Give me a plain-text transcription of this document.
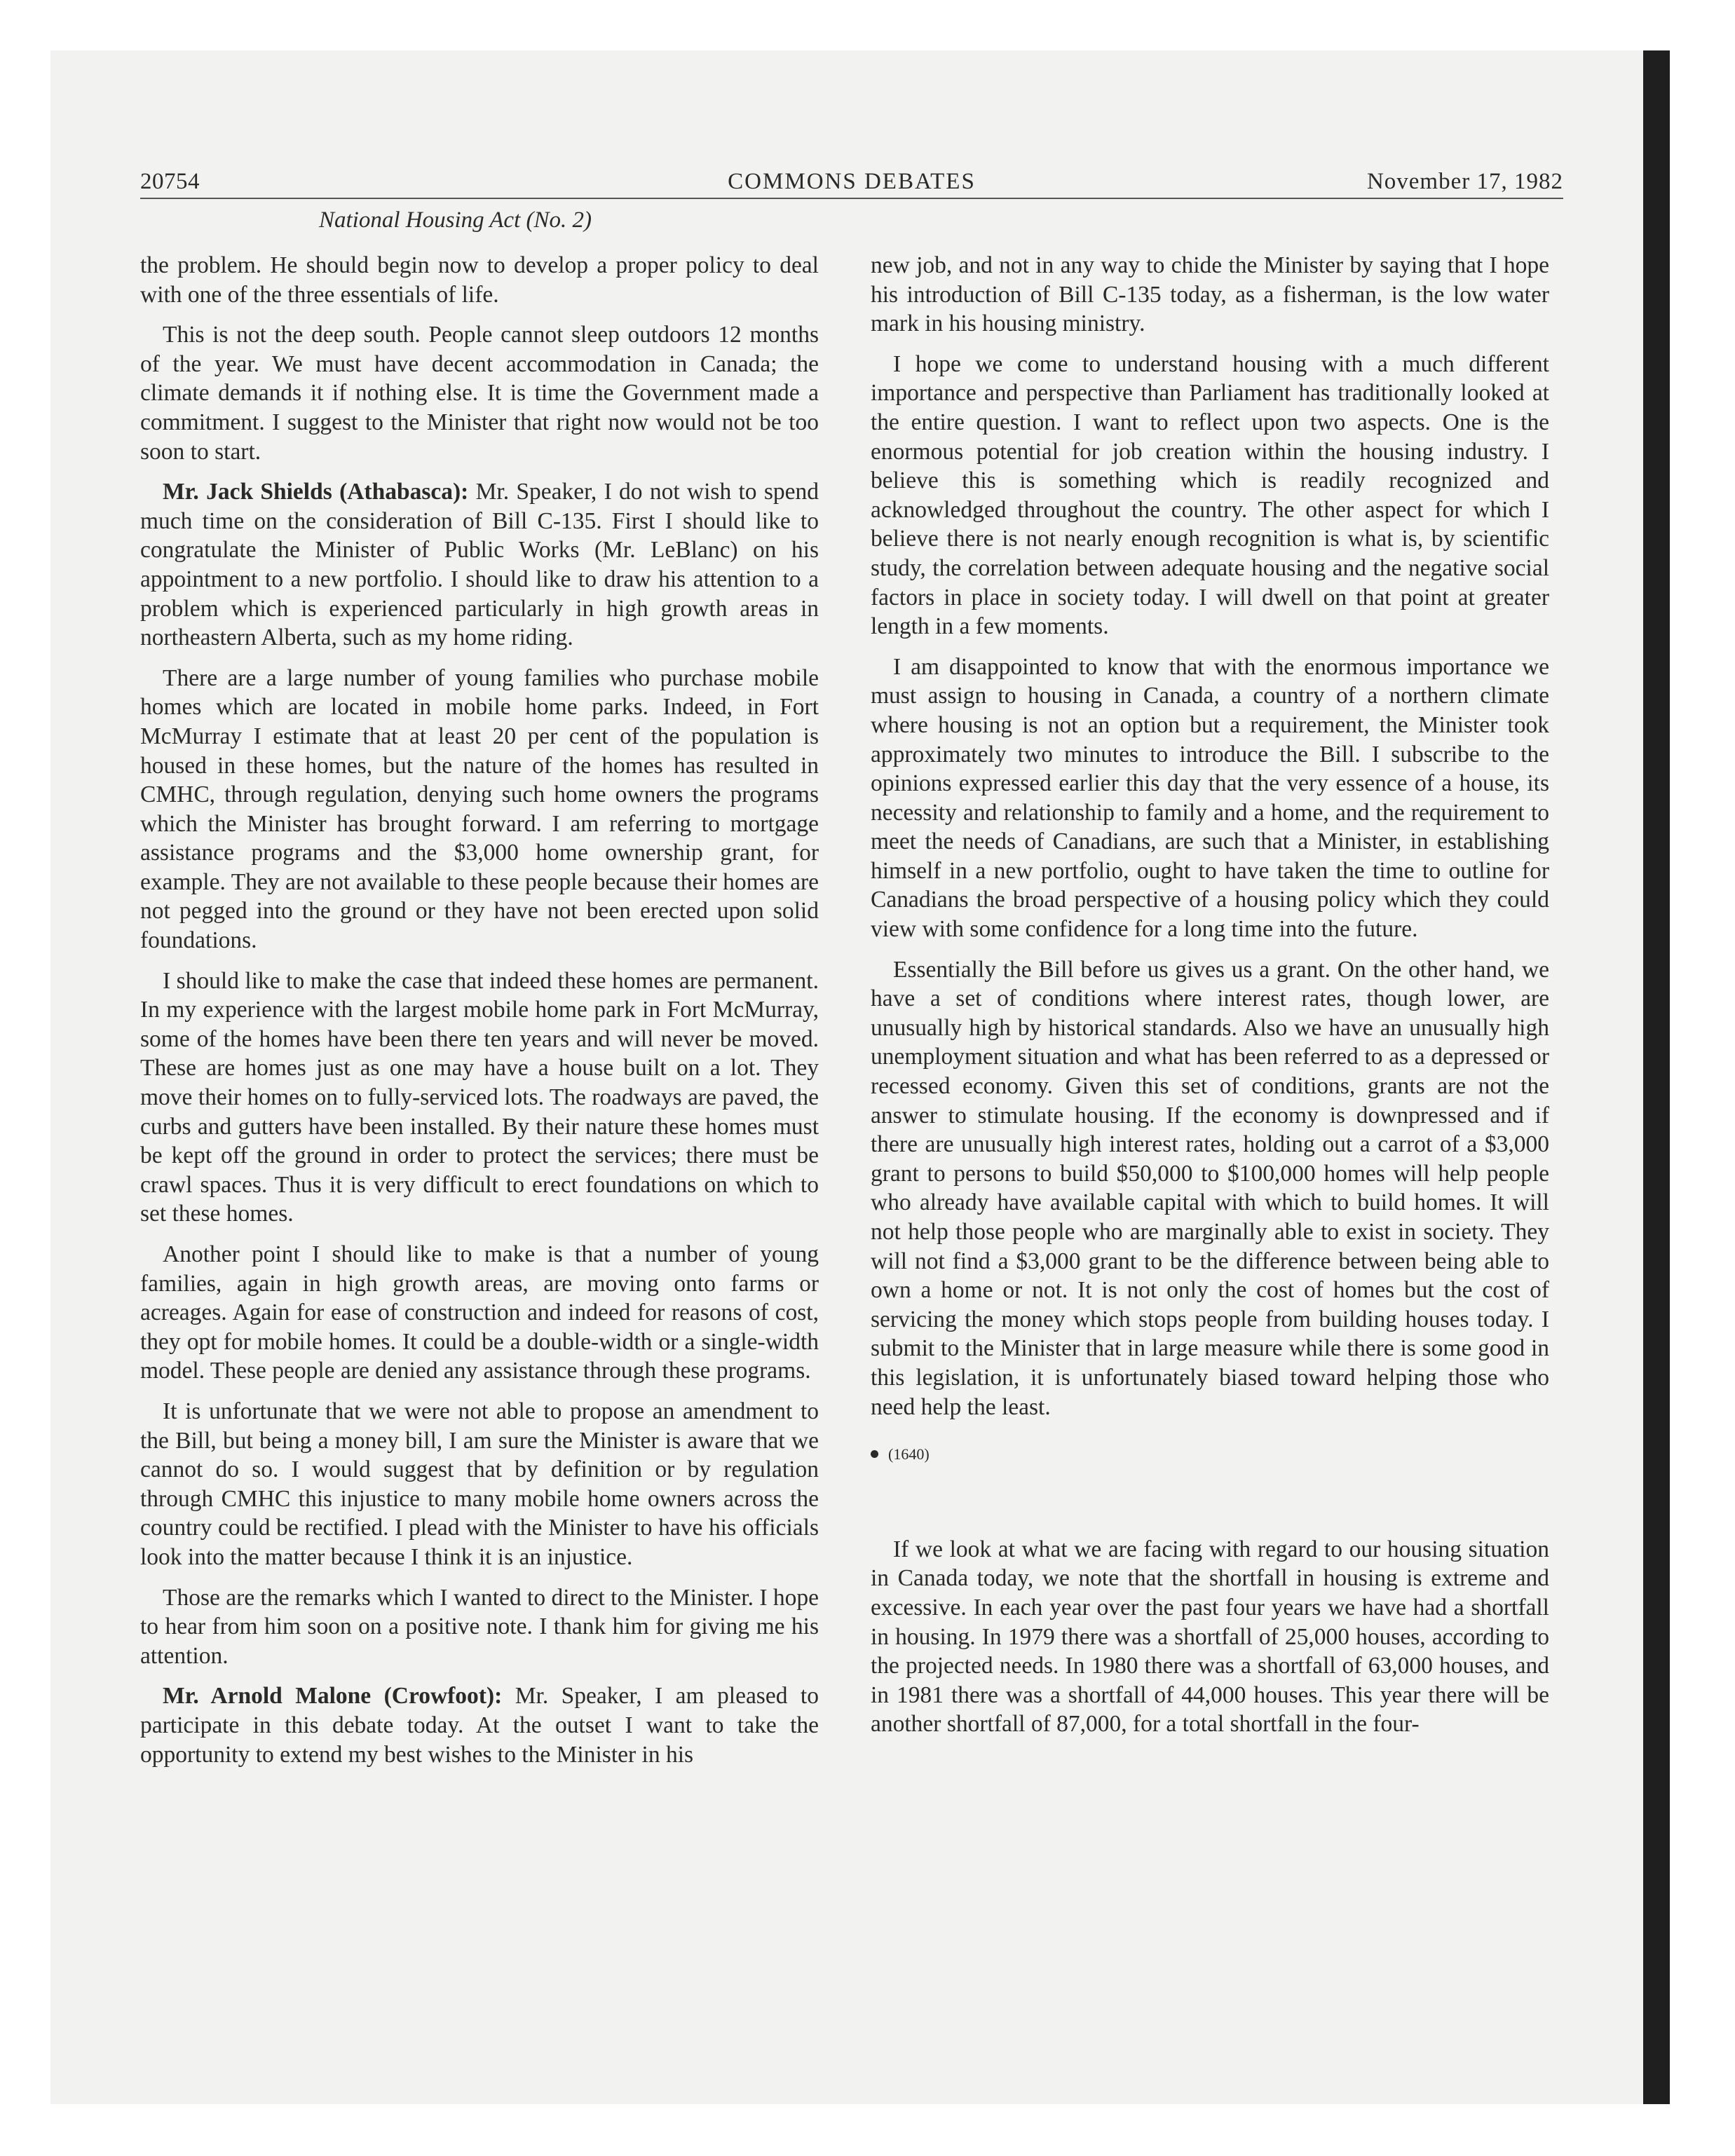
20754	COMMONS DEBATES	November 17, 1982
National Housing Act (No. 2)

the problem. He should begin now to develop a proper policy to deal with one of the three essentials of life.

This is not the deep south. People cannot sleep outdoors 12 months of the year. We must have decent accommodation in Canada; the climate demands it if nothing else. It is time the Government made a commitment. I suggest to the Minister that right now would not be too soon to start.

Mr. Jack Shields (Athabasca): Mr. Speaker, I do not wish to spend much time on the consideration of Bill C-135. First I should like to congratulate the Minister of Public Works (Mr. LeBlanc) on his appointment to a new portfolio. I should like to draw his attention to a problem which is experienced particularly in high growth areas in northeastern Alberta, such as my home riding.

There are a large number of young families who purchase mobile homes which are located in mobile home parks. Indeed, in Fort McMurray I estimate that at least 20 per cent of the population is housed in these homes, but the nature of the homes has resulted in CMHC, through regulation, denying such home owners the programs which the Minister has brought forward. I am referring to mortgage assistance programs and the $3,000 home ownership grant, for example. They are not available to these people because their homes are not pegged into the ground or they have not been erected upon solid foundations.

I should like to make the case that indeed these homes are permanent. In my experience with the largest mobile home park in Fort McMurray, some of the homes have been there ten years and will never be moved. These are homes just as one may have a house built on a lot. They move their homes on to fully-serviced lots. The roadways are paved, the curbs and gutters have been installed. By their nature these homes must be kept off the ground in order to protect the services; there must be crawl spaces. Thus it is very difficult to erect foundations on which to set these homes.

Another point I should like to make is that a number of young families, again in high growth areas, are moving onto farms or acreages. Again for ease of construction and indeed for reasons of cost, they opt for mobile homes. It could be a double-width or a single-width model. These people are denied any assistance through these programs.

It is unfortunate that we were not able to propose an amendment to the Bill, but being a money bill, I am sure the Minister is aware that we cannot do so. I would suggest that by definition or by regulation through CMHC this injustice to many mobile home owners across the country could be rectified. I plead with the Minister to have his officials look into the matter because I think it is an injustice.

Those are the remarks which I wanted to direct to the Minister. I hope to hear from him soon on a positive note. I thank him for giving me his attention.

Mr. Arnold Malone (Crowfoot): Mr. Speaker, I am pleased to participate in this debate today. At the outset I want to take the opportunity to extend my best wishes to the Minister in his

new job, and not in any way to chide the Minister by saying that I hope his introduction of Bill C-135 today, as a fisherman, is the low water mark in his housing ministry.

I hope we come to understand housing with a much different importance and perspective than Parliament has traditionally looked at the entire question. I want to reflect upon two aspects. One is the enormous potential for job creation within the housing industry. I believe this is something which is readily recognized and acknowledged throughout the country. The other aspect for which I believe there is not nearly enough recognition is what is, by scientific study, the correlation between adequate housing and the negative social factors in place in society today. I will dwell on that point at greater length in a few moments.

I am disappointed to know that with the enormous importance we must assign to housing in Canada, a country of a northern climate where housing is not an option but a requirement, the Minister took approximately two minutes to introduce the Bill. I subscribe to the opinions expressed earlier this day that the very essence of a house, its necessity and relationship to family and a home, and the requirement to meet the needs of Canadians, are such that a Minister, in establishing himself in a new portfolio, ought to have taken the time to outline for Canadians the broad perspective of a housing policy which they could view with some confidence for a long time into the future.

Essentially the Bill before us gives us a grant. On the other hand, we have a set of conditions where interest rates, though lower, are unusually high by historical standards. Also we have an unusually high unemployment situation and what has been referred to as a depressed or recessed economy. Given this set of conditions, grants are not the answer to stimulate housing. If the economy is downpressed and if there are unusually high interest rates, holding out a carrot of a $3,000 grant to persons to build $50,000 to $100,000 homes will help people who already have available capital with which to build homes. It will not help those people who are marginally able to exist in society. They will not find a $3,000 grant to be the difference between being able to own a home or not. It is not only the cost of homes but the cost of servicing the money which stops people from building houses today. I submit to the Minister that in large measure while there is some good in this legislation, it is unfortunately biased toward helping those who need help the least.

(1640)

If we look at what we are facing with regard to our housing situation in Canada today, we note that the shortfall in housing is extreme and excessive. In each year over the past four years we have had a shortfall in housing. In 1979 there was a shortfall of 25,000 houses, according to the projected needs. In 1980 there was a shortfall of 63,000 houses, and in 1981 there was a shortfall of 44,000 houses. This year there will be another shortfall of 87,000, for a total shortfall in the four-
